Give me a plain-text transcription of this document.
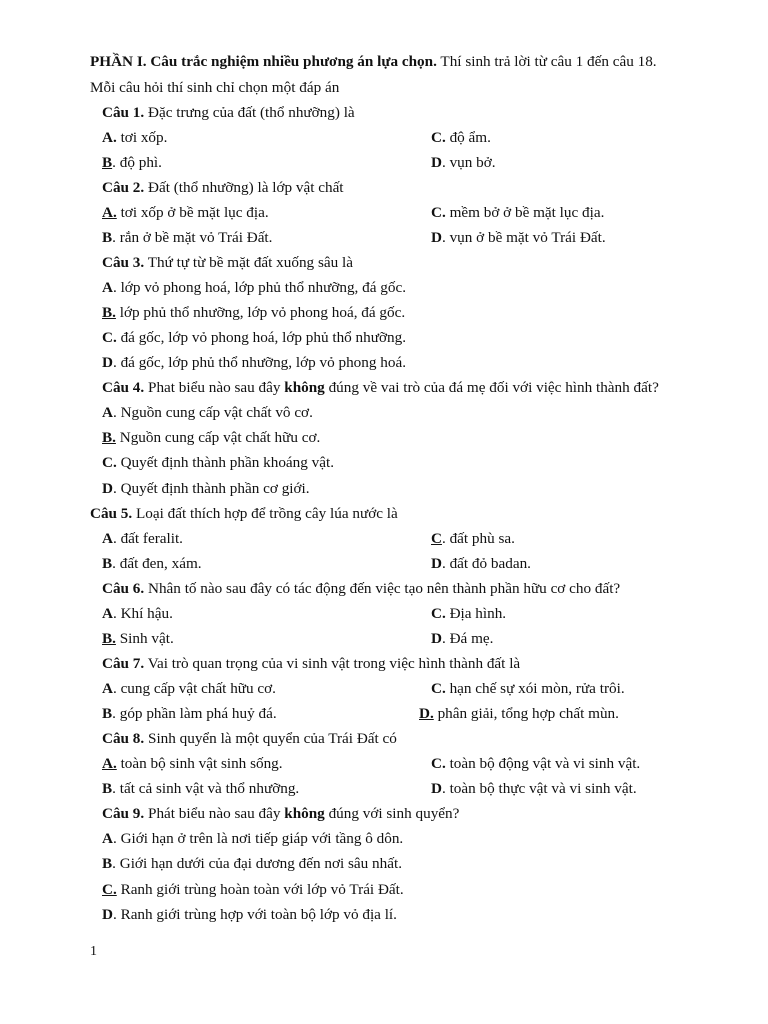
PHẦN I. Câu trắc nghiệm nhiều phương án lựa chọn. Thí sinh trả lời từ câu 1 đến câu 18.
Mỗi câu hỏi thí sinh chỉ chọn một đáp án
Câu 1. Đặc trưng của đất (thổ nhưỡng) là
A. tơi xốp.	C. độ ẩm.
B. độ phì.	D. vụn bở.
Câu 2. Đất (thổ nhưỡng) là lớp vật chất
A. tơi xốp ở bề mặt lục địa.	C. mềm bở ở bề mặt lục địa.
B. rắn ở bề mặt vỏ Trái Đất.	D. vụn ở bề mặt vỏ Trái Đất.
Câu 3. Thứ tự từ bề mặt đất xuống sâu là
A. lớp vỏ phong hoá, lớp phủ thổ nhưỡng, đá gốc.
B. lớp phủ thổ nhưỡng, lớp vỏ phong hoá, đá gốc.
C. đá gốc, lớp vỏ phong hoá, lớp phủ thổ nhưỡng.
D. đá gốc, lớp phủ thổ nhưỡng, lớp vỏ phong hoá.
Câu 4. Phat biểu nào sau đây không đúng về vai trò của đá mẹ đối với việc hình thành đất?
A. Nguồn cung cấp vật chất vô cơ.
B. Nguồn cung cấp vật chất hữu cơ.
C. Quyết định thành phần khoáng vật.
D. Quyết định thành phần cơ giới.
Câu 5. Loại đất thích hợp để trồng cây lúa nước là
A. đất feralit.	C. đất phù sa.
B. đất đen, xám.	D. đất đỏ badan.
Câu 6. Nhân tố nào sau đây có tác động đến việc tạo nên thành phần hữu cơ cho đất?
A. Khí hậu.	C. Địa hình.
B. Sinh vật.	D. Đá mẹ.
Câu 7. Vai trò quan trọng của vi sinh vật trong việc hình thành đất là
A. cung cấp vật chất hữu cơ.	C. hạn chế sự xói mòn, rửa trôi.
B. góp phần làm phá huỷ đá.	D. phân giải, tổng hợp chất mùn.
Câu 8. Sinh quyển là một quyển của Trái Đất có
A. toàn bộ sinh vật sinh sống.	C. toàn bộ động vật và vi sinh vật.
B. tất cả sinh vật và thổ nhưỡng.	D. toàn bộ thực vật và vi sinh vật.
Câu 9. Phát biểu nào sau đây không đúng với sinh quyển?
A. Giới hạn ở trên là nơi tiếp giáp với tầng ô dôn.
B. Giới hạn dưới của đại dương đến nơi sâu nhất.
C. Ranh giới trùng hoàn toàn với lớp vỏ Trái Đất.
D. Ranh giới trùng hợp với toàn bộ lớp vỏ địa lí.
1
